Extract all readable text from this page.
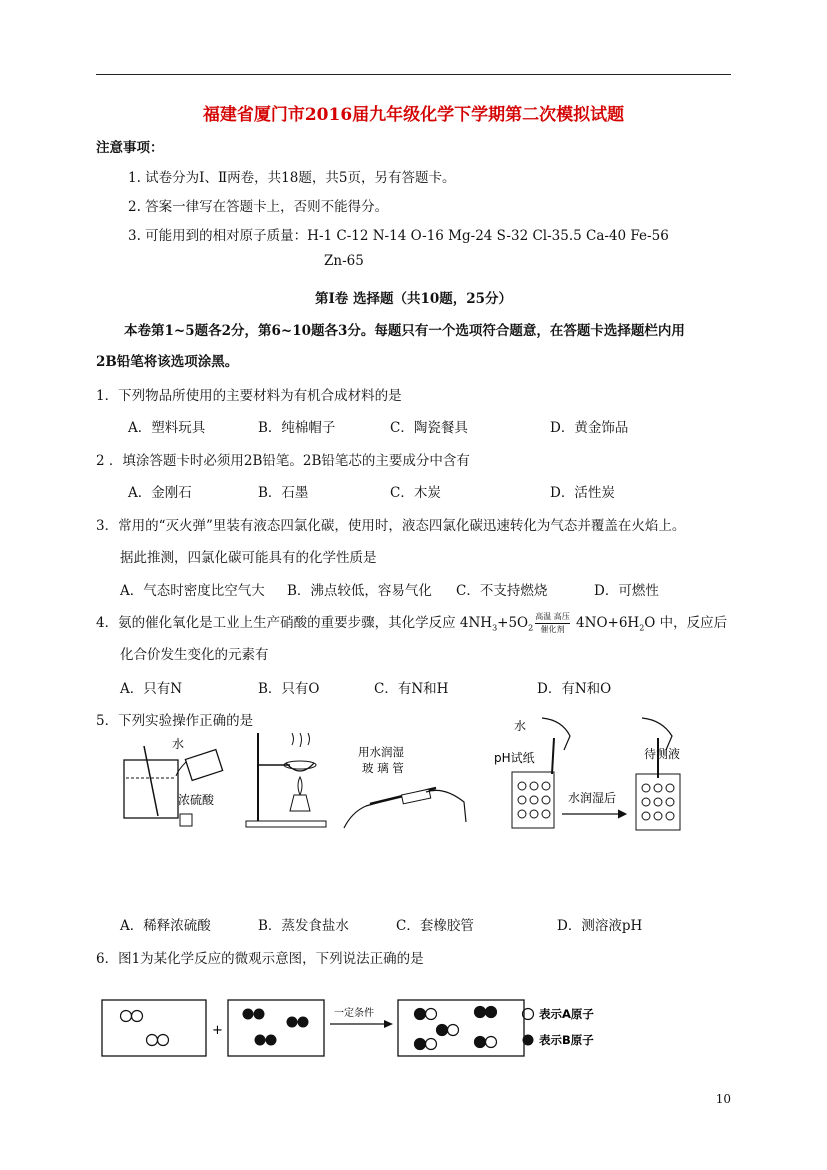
福建省厦门市2016届九年级化学下学期第二次模拟试题
注意事项：
1. 试卷分为Ⅰ、Ⅱ两卷，共18题，共5页，另有答题卡。
2. 答案一律写在答题卡上，否则不能得分。
3. 可能用到的相对原子质量：H-1 C-12 N-14 O-16 Mg-24 S-32 Cl-35.5 Ca-40 Fe-56
Zn-65
第Ⅰ卷 选择题（共10题，25分）
本卷第1~5题各2分，第6~10题各3分。每题只有一个选项符合题意，在答题卡选择题栏内用
2B铅笔将该选项涂黑。
1．下列物品所使用的主要材料为有机合成材料的是
A．塑料玩具	B．纯棉帽子	C．陶瓷餐具	D．黄金饰品
2 ．填涂答题卡时必须用2B铅笔。2B铅笔芯的主要成分中含有
A．金刚石	B．石墨	C．木炭	D．活性炭
3．常用的“灭火弹”里装有液态四氯化碳，使用时，液态四氯化碳迅速转化为气态并覆盖在火焰上。
据此推测，四氯化碳可能具有的化学性质是
A．气态时密度比空气大 B．沸点较低，容易气化 C．不支持燃烧	D．可燃性
4．氨的催化氧化是工业上生产硝酸的重要步骤，其化学反应 $4NH_3+5O_2 \frac{\text{高温 高压}}{\text{催化剂}} 4NO+6H_2O$ 中，反应后
化合价发生变化的元素有
A．只有N	B．只有O	C．有N和H	D．有N和O
5．下列实验操作正确的是
水
浓硫酸
用水润湿
玻 璃 管
水
pH试纸
水润湿后
待测液
A．稀释浓硫酸	B．蒸发食盐水	C．套橡胶管	D．测溶液pH
6．图1为某化学反应的微观示意图，下列说法正确的是
+
一定条件	表示A原子
表示B原子
10
